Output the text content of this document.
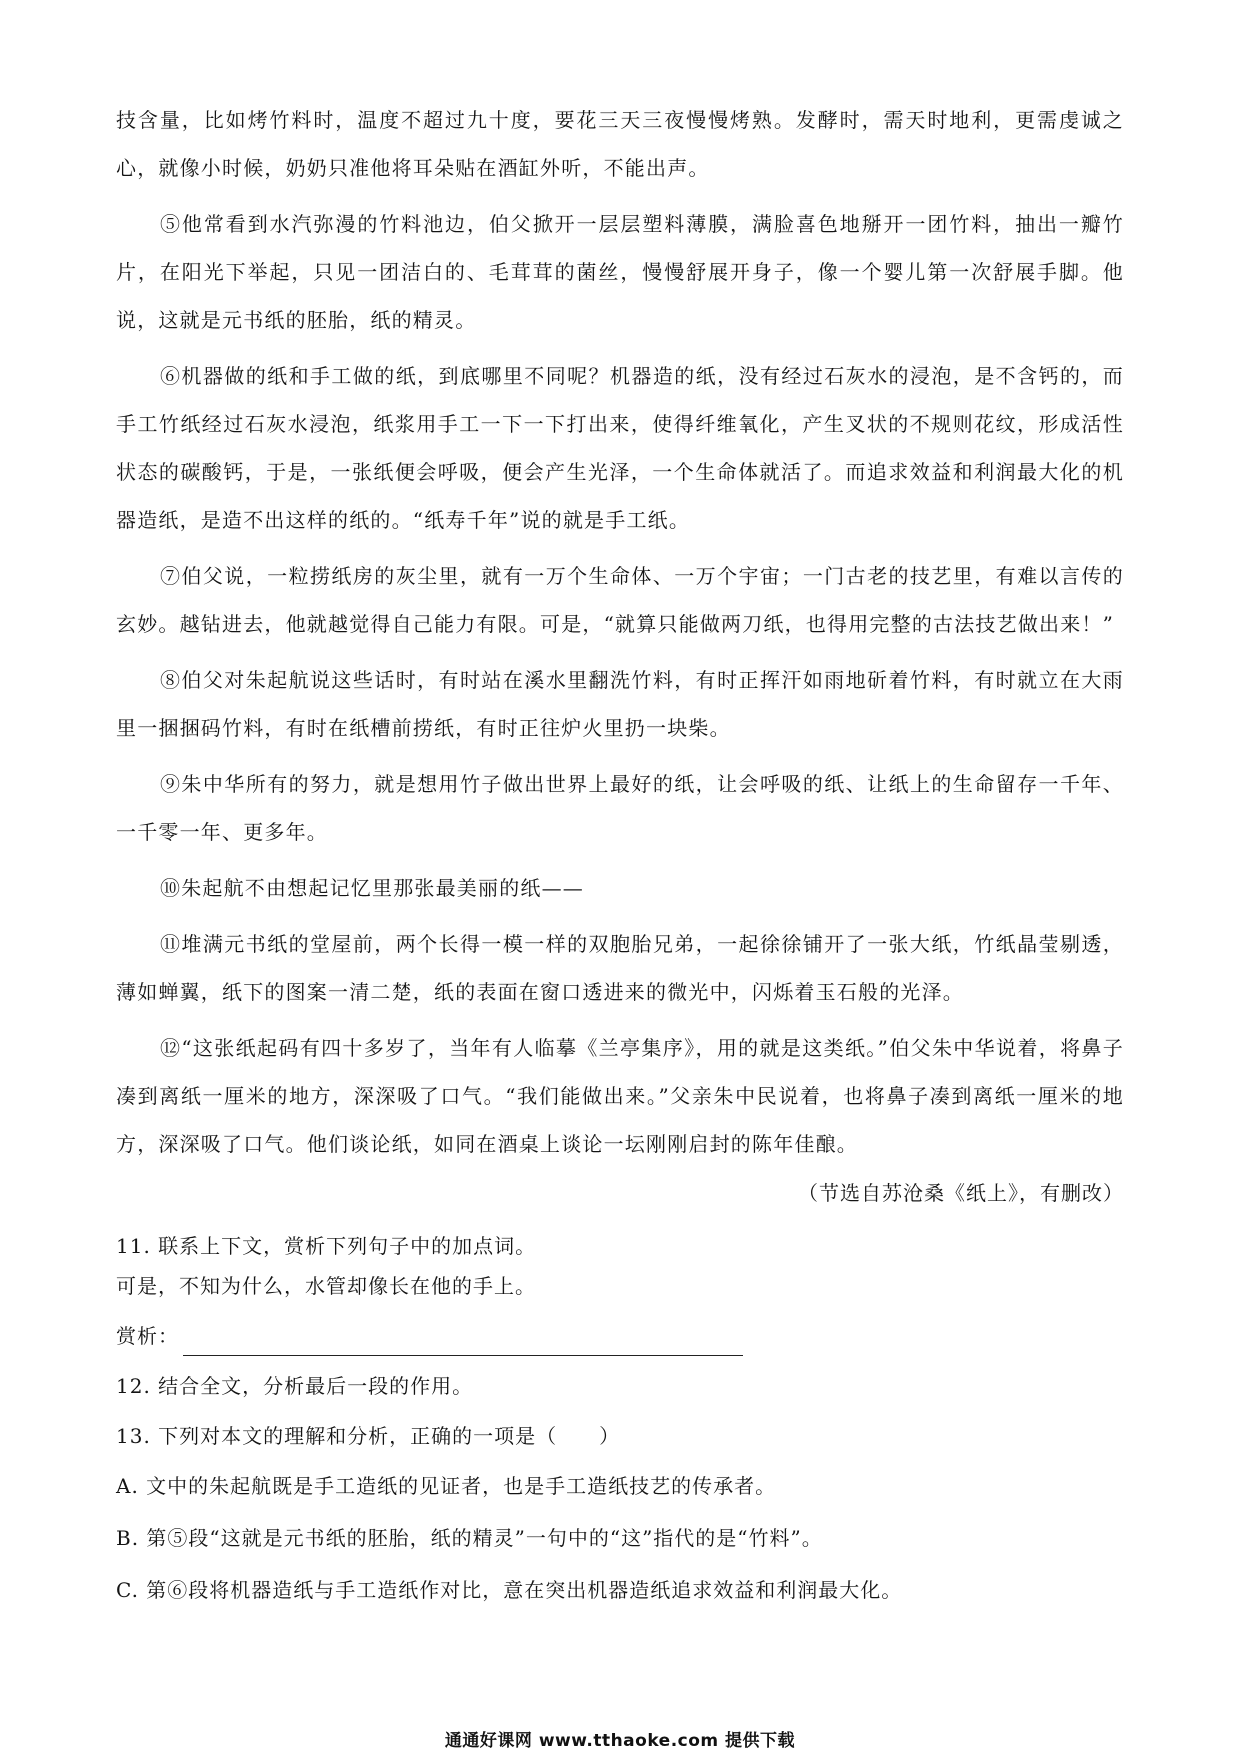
技含量，比如烤竹料时，温度不超过九十度，要花三天三夜慢慢烤熟。发酵时，需天时地利，更需虔诚之心，就像小时候，奶奶只准他将耳朵贴在酒缸外听，不能出声。

⑤他常看到水汽弥漫的竹料池边，伯父掀开一层层塑料薄膜，满脸喜色地掰开一团竹料，抽出一瓣竹片，在阳光下举起，只见一团洁白的、毛茸茸的菌丝，慢慢舒展开身子，像一个婴儿第一次舒展手脚。他说，这就是元书纸的胚胎，纸的精灵。

⑥机器做的纸和手工做的纸，到底哪里不同呢？机器造的纸，没有经过石灰水的浸泡，是不含钙的，而手工竹纸经过石灰水浸泡，纸浆用手工一下一下打出来，使得纤维氧化，产生叉状的不规则花纹，形成活性状态的碳酸钙，于是，一张纸便会呼吸，便会产生光泽，一个生命体就活了。而追求效益和利润最大化的机器造纸，是造不出这样的纸的。“纸寿千年”说的就是手工纸。

⑦伯父说，一粒捞纸房的灰尘里，就有一万个生命体、一万个宇宙；一门古老的技艺里，有难以言传的玄妙。越钻进去，他就越觉得自己能力有限。可是，“就算只能做两刀纸，也得用完整的古法技艺做出来！”

⑧伯父对朱起航说这些话时，有时站在溪水里翻洗竹料，有时正挥汗如雨地斫着竹料，有时就立在大雨里一捆捆码竹料，有时在纸槽前捞纸，有时正往炉火里扔一块柴。

⑨朱中华所有的努力，就是想用竹子做出世界上最好的纸，让会呼吸的纸、让纸上的生命留存一千年、一千零一年、更多年。

⑩朱起航不由想起记忆里那张最美丽的纸——

⑪堆满元书纸的堂屋前，两个长得一模一样的双胞胎兄弟，一起徐徐铺开了一张大纸，竹纸晶莹剔透，薄如蝉翼，纸下的图案一清二楚，纸的表面在窗口透进来的微光中，闪烁着玉石般的光泽。

⑫“这张纸起码有四十多岁了，当年有人临摹《兰亭集序》，用的就是这类纸。”伯父朱中华说着，将鼻子凑到离纸一厘米的地方，深深吸了口气。“我们能做出来。”父亲朱中民说着，也将鼻子凑到离纸一厘米的地方，深深吸了口气。他们谈论纸，如同在酒桌上谈论一坛刚刚启封的陈年佳酿。

（节选自苏沧桑《纸上》，有删改）

11. 联系上下文，赏析下列句子中的加点词。

可是，不知为什么，水管却像长在他的手上。

赏析：

12. 结合全文，分析最后一段的作用。

13. 下列对本文的理解和分析，正确的一项是（　　）

A. 文中的朱起航既是手工造纸的见证者，也是手工造纸技艺的传承者。

B. 第⑤段“这就是元书纸的胚胎，纸的精灵”一句中的“这”指代的是“竹料”。

C. 第⑥段将机器造纸与手工造纸作对比，意在突出机器造纸追求效益和利润最大化。

通通好课网 www.tthaoke.com 提供下载
